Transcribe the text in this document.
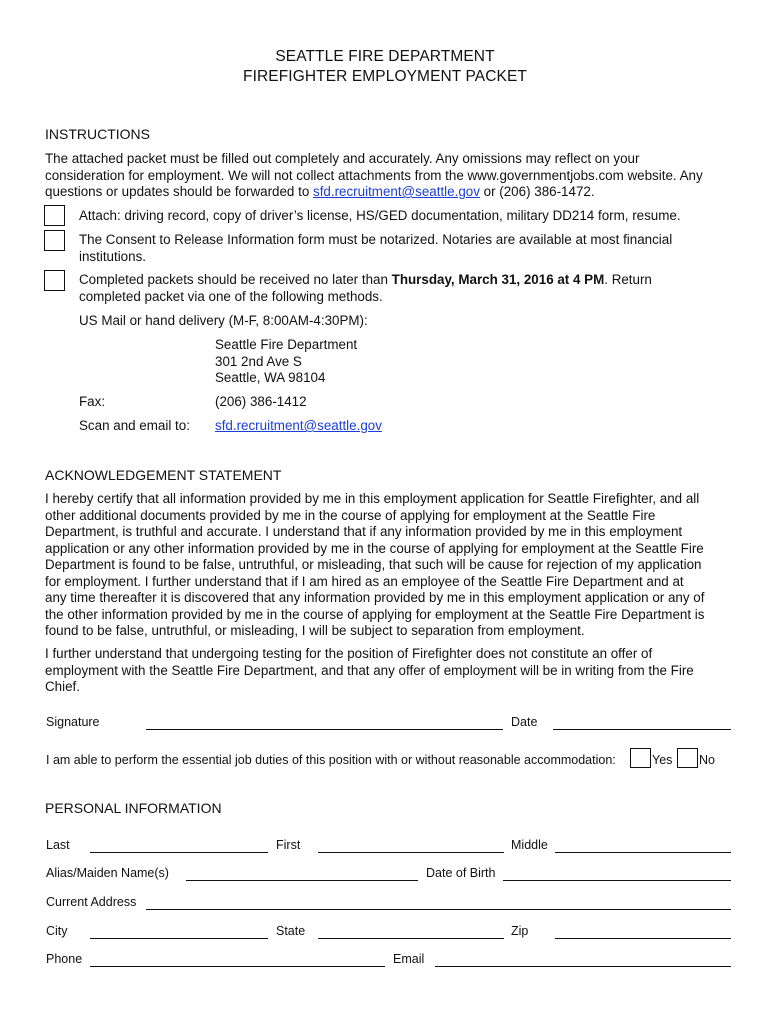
SEATTLE FIRE DEPARTMENT
FIREFIGHTER EMPLOYMENT PACKET
INSTRUCTIONS
The attached packet must be filled out completely and accurately. Any omissions may reflect on your
consideration for employment. We will not collect attachments from the www.governmentjobs.com website. Any
questions or updates should be forwarded to sfd.recruitment@seattle.gov or (206) 386-1472.
Attach: driving record, copy of driver’s license, HS/GED documentation, military DD214 form, resume.
The Consent to Release Information form must be notarized. Notaries are available at most financial
institutions.
Completed packets should be received no later than Thursday, March 31, 2016 at 4 PM. Return
completed packet via one of the following methods.
US Mail or hand delivery (M-F, 8:00AM-4:30PM):
Seattle Fire Department
301 2nd Ave S
Seattle, WA 98104
Fax:	(206) 386-1412
Scan and email to: sfd.recruitment@seattle.gov
ACKNOWLEDGEMENT STATEMENT
I hereby certify that all information provided by me in this employment application for Seattle Firefighter, and all
other additional documents provided by me in the course of applying for employment at the Seattle Fire
Department, is truthful and accurate. I understand that if any information provided by me in this employment
application or any other information provided by me in the course of applying for employment at the Seattle Fire
Department is found to be false, untruthful, or misleading, that such will be cause for rejection of my application
for employment. I further understand that if I am hired as an employee of the Seattle Fire Department and at
any time thereafter it is discovered that any information provided by me in this employment application or any of
the other information provided by me in the course of applying for employment at the Seattle Fire Department is
found to be false, untruthful, or misleading, I will be subject to separation from employment.
I further understand that undergoing testing for the position of Firefighter does not constitute an offer of
employment with the Seattle Fire Department, and that any offer of employment will be in writing from the Fire
Chief.
Signature	Date
I am able to perform the essential job duties of this position with or without reasonable accommodation:	Yes No
PERSONAL INFORMATION
Last	First	Middle
Alias/Maiden Name(s)	Date of Birth
Current Address
City	State	Zip
Phone	Email
